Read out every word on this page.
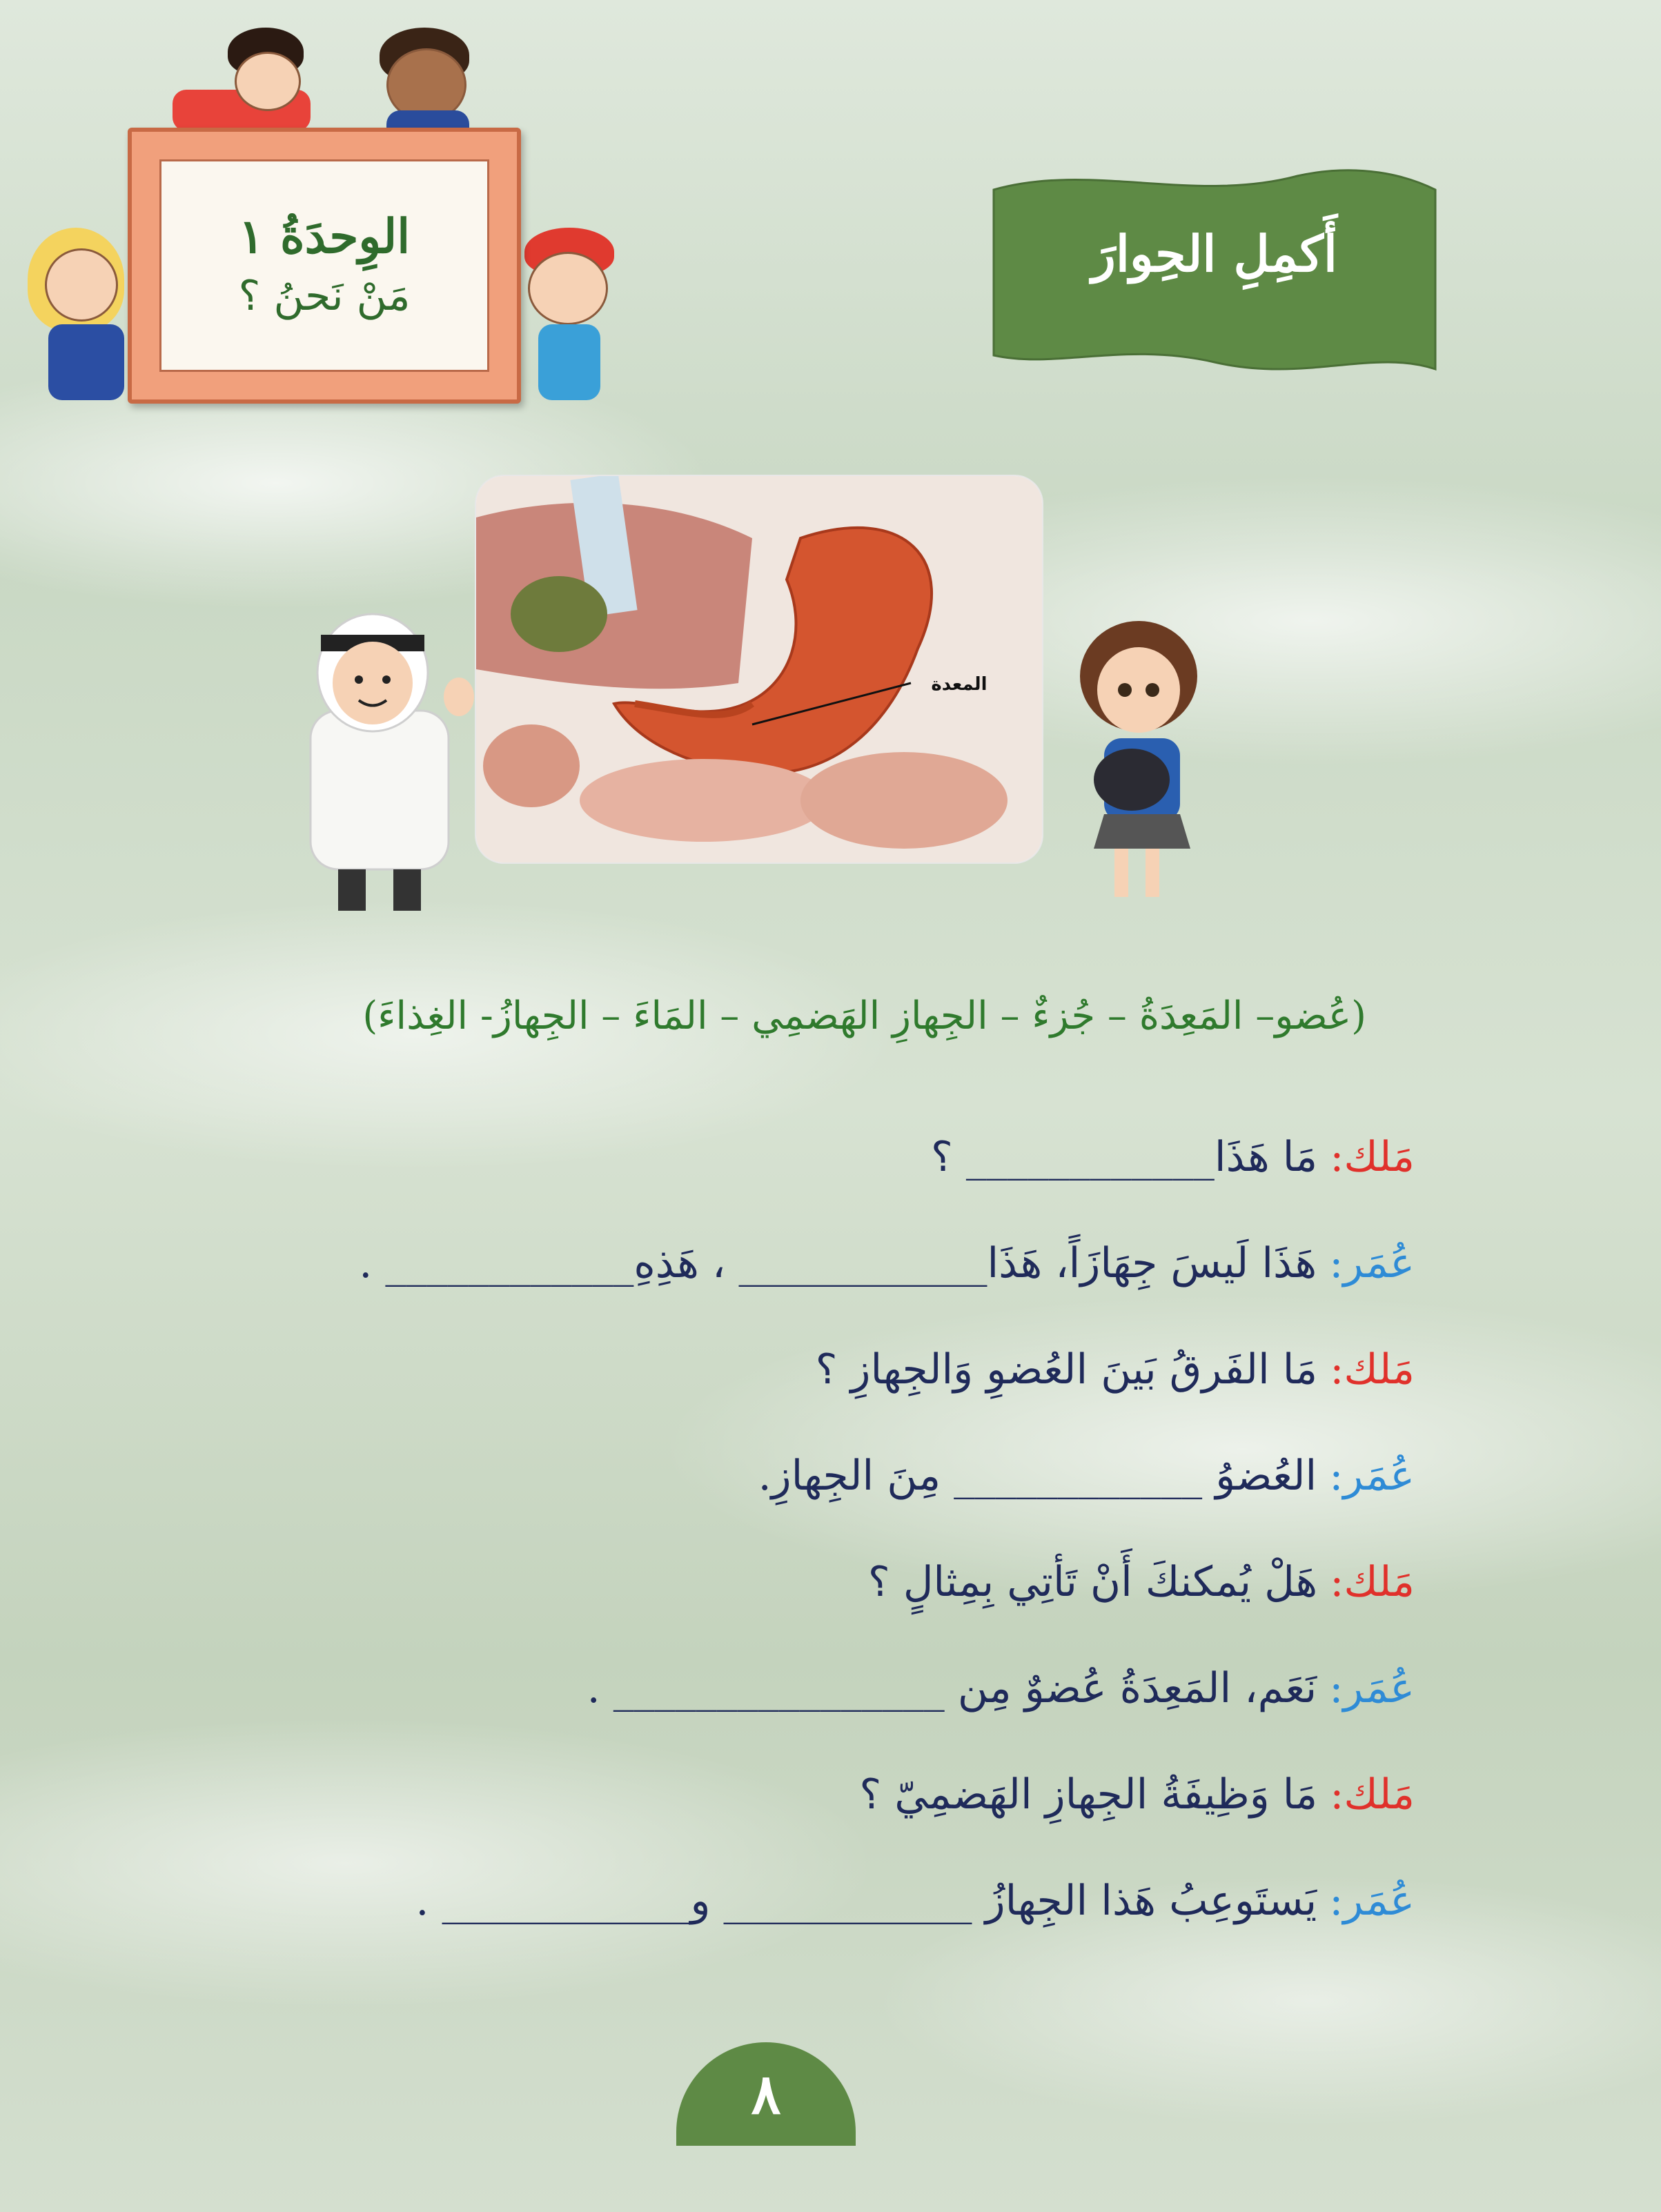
الوِحدَةُ ١
مَنْ نَحنُ ؟
أَكمِلِ الحِوارَ
المعدة
(عُضو– المَعِدَةُ – جُزءٌ – الجِهازِ الهَضمِي – المَاءَ – الجِهازُ- الغِذاءَ)
مَلك
:
مَا هَذَا____________ ؟
عُمَر
:
هَذَا لَيسَ جِهَازَاً، هَذَا____________ ، هَذِهِ____________ .
مَلك
:
مَا الفَرقُ بَينَ العُضوِ وَالجِهازِ ؟
عُمَر
:
العُضوُ ____________ مِنَ الجِهازِ.
مَلك
:
هَلْ يُمكنكَ أَنْ تَأتِي بِمِثالٍ ؟
عُمَر
:
نَعَم، المَعِدَةُ عُضوٌ مِن ________________ .
مَلك
:
مَا وَظِيفَةُ الجِهازِ الهَضمِيّ ؟
عُمَر
:
يَستَوعِبُ هَذا الجِهازُ ____________ و____________ .
٨
